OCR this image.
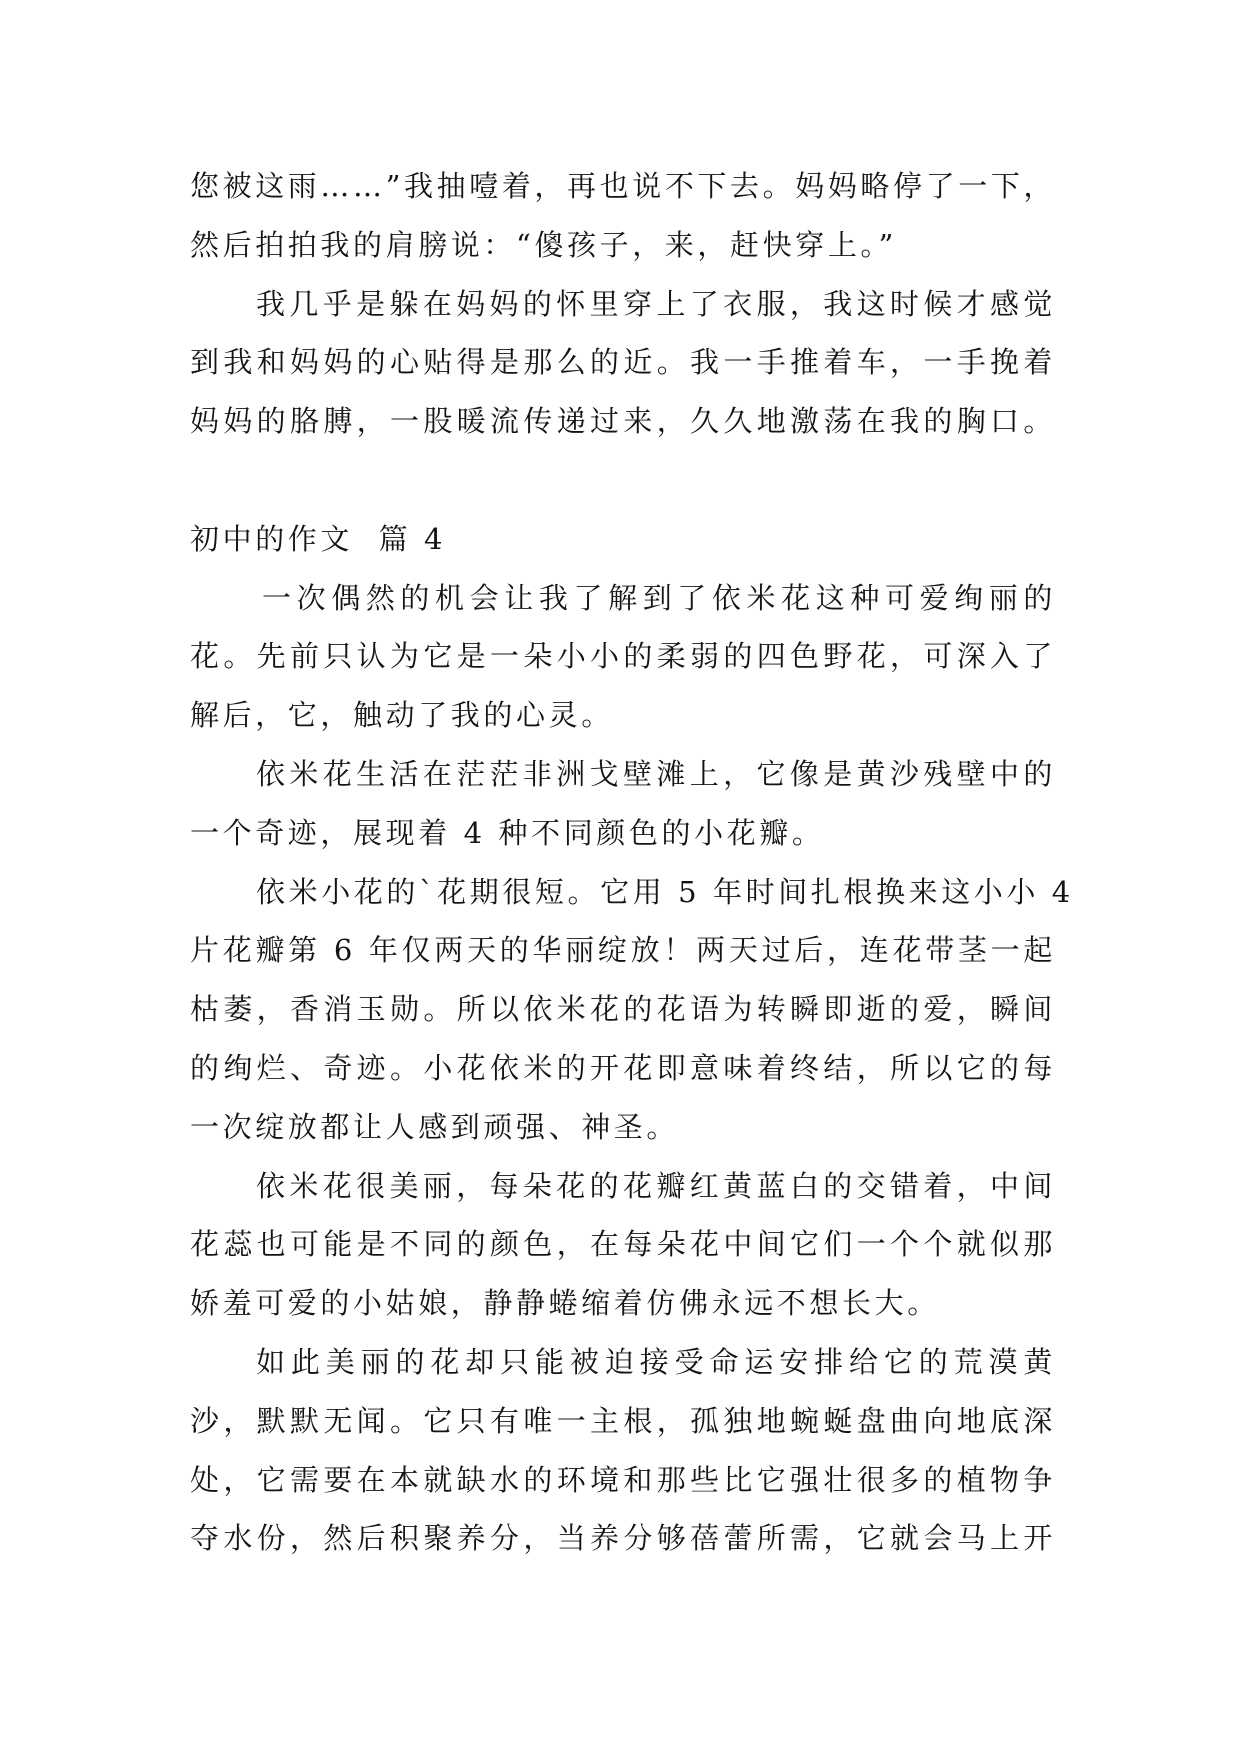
您被这雨……”我抽噎着，再也说不下去。妈妈略停了一下，
然后拍拍我的肩膀说：“傻孩子，来，赶快穿上。”
我几乎是躲在妈妈的怀里穿上了衣服，我这时候才感觉
到我和妈妈的心贴得是那么的近。我一手推着车，一手挽着
妈妈的胳膊，一股暖流传递过来，久久地激荡在我的胸口。
初中的作文  篇 4
一次偶然的机会让我了解到了依米花这种可爱绚丽的
花。先前只认为它是一朵小小的柔弱的四色野花，可深入了
解后，它，触动了我的心灵。
依米花生活在茫茫非洲戈壁滩上，它像是黄沙残壁中的
一个奇迹，展现着 4 种不同颜色的小花瓣。
依米小花的`花期很短。它用 5 年时间扎根换来这小小 4
片花瓣第 6 年仅两天的华丽绽放！两天过后，连花带茎一起
枯萎，香消玉勋。所以依米花的花语为转瞬即逝的爱，瞬间
的绚烂、奇迹。小花依米的开花即意味着终结，所以它的每
一次绽放都让人感到顽强、神圣。
依米花很美丽，每朵花的花瓣红黄蓝白的交错着，中间
花蕊也可能是不同的颜色，在每朵花中间它们一个个就似那
娇羞可爱的小姑娘，静静蜷缩着仿佛永远不想长大。
如此美丽的花却只能被迫接受命运安排给它的荒漠黄
沙，默默无闻。它只有唯一主根，孤独地蜿蜒盘曲向地底深
处，它需要在本就缺水的环境和那些比它强壮很多的植物争
夺水份，然后积聚养分，当养分够蓓蕾所需，它就会马上开
